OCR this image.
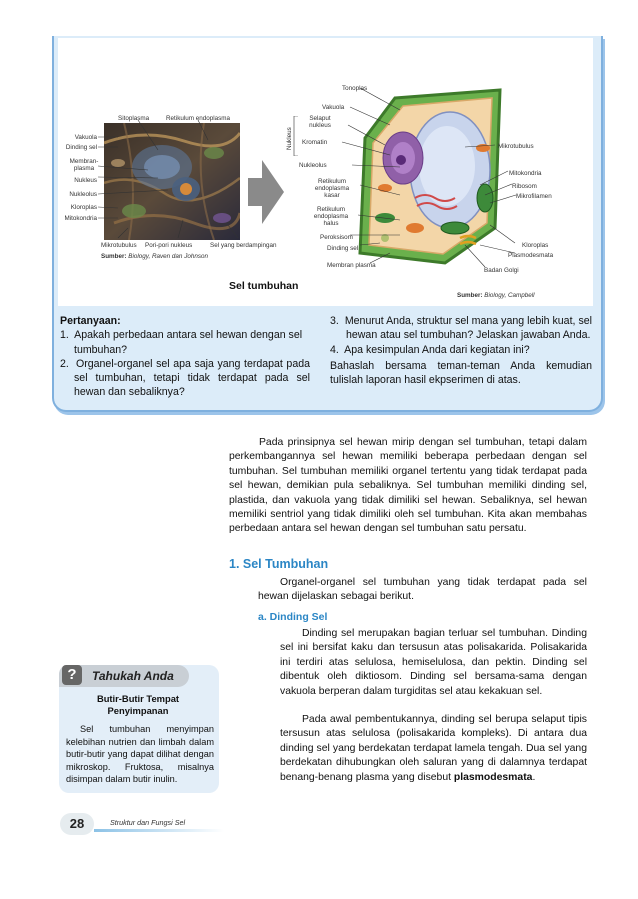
Sitoplasma	Retikulum endoplasma
Vakuola
Dinding sel
Membran-
plasma
Nukleus
Nukleolus
Kloroplas
Mitokondria
Mikrotubulus Pori-pori nukleus	Sel yang berdampingan
Sumber: Biology, Raven dan Johnson
Tonoplas
Vakuola
Selaput
nukleus
Nukleus Kromatin
Nukleolus
Retikulum
endoplasma
kasar
Retikulum
endoplasma
halus
Peroksisom
Dinding sel
Membran plasma
Mikrotubulus
Mitokondria
Ribosom
Mikrofilamen
Kloroplas
Plasmodesmata
Badan Golgi
Sumber: Biology, Campbell
Sel tumbuhan

Pertanyaan:

1. Apakah perbedaan antara sel hewan dengan sel tumbuhan?

2. Organel-organel sel apa saja yang terdapat pada sel tumbuhan, tetapi tidak terdapat pada sel hewan dan sebaliknya?

3. Menurut Anda, struktur sel mana yang lebih kuat, sel hewan atau sel tumbuhan? Jelaskan jawaban Anda.

4. Apa kesimpulan Anda dari kegiatan ini?

Bahaslah bersama teman-teman Anda kemudian tulislah laporan hasil ekpserimen di atas.

Pada prinsipnya sel hewan mirip dengan sel tumbuhan, tetapi dalam perkembangannya sel hewan memiliki beberapa perbedaan dengan sel tumbuhan. Sel tumbuhan memiliki organel tertentu yang tidak terdapat pada sel hewan, demikian pula sebaliknya. Sel tumbuhan memiliki dinding sel, plastida, dan vakuola yang tidak dimiliki sel hewan. Sebaliknya, sel hewan memiliki sentriol yang tidak dimiliki oleh sel tumbuhan. Kita akan membahas perbedaan antara sel hewan dengan sel tumbuhan satu persatu.
1. Sel Tumbuhan
Organel-organel sel tumbuhan yang tidak terdapat pada sel hewan dijelaskan sebagai berikut.
a. Dinding Sel
Dinding sel merupakan bagian terluar sel tumbuhan. Dinding sel ini bersifat kaku dan tersusun atas polisakarida. Polisakarida ini terdiri atas selulosa, hemiselulosa, dan pektin. Dinding sel dibentuk oleh diktiosom. Dinding sel bersama-sama dengan vakuola berperan dalam turgiditas sel atau kekakuan sel.
Pada awal pembentukannya, dinding sel berupa selaput tipis tersusun atas selulosa (polisakarida kompleks). Di antara dua dinding sel yang berdekatan terdapat lamela tengah. Dua sel yang berdekatan dihubungkan oleh saluran yang di dalamnya terdapat benang-benang plasma yang disebut plasmodesmata.
?	Tahukah Anda
Butir-Butir Tempat Penyimpanan
Sel tumbuhan menyimpan kelebihan nutrien dan limbah dalam butir-butir yang dapat dilihat dengan mikroskop. Fruktosa, misalnya disimpan dalam butir inulin.
28	Struktur dan Fungsi Sel
